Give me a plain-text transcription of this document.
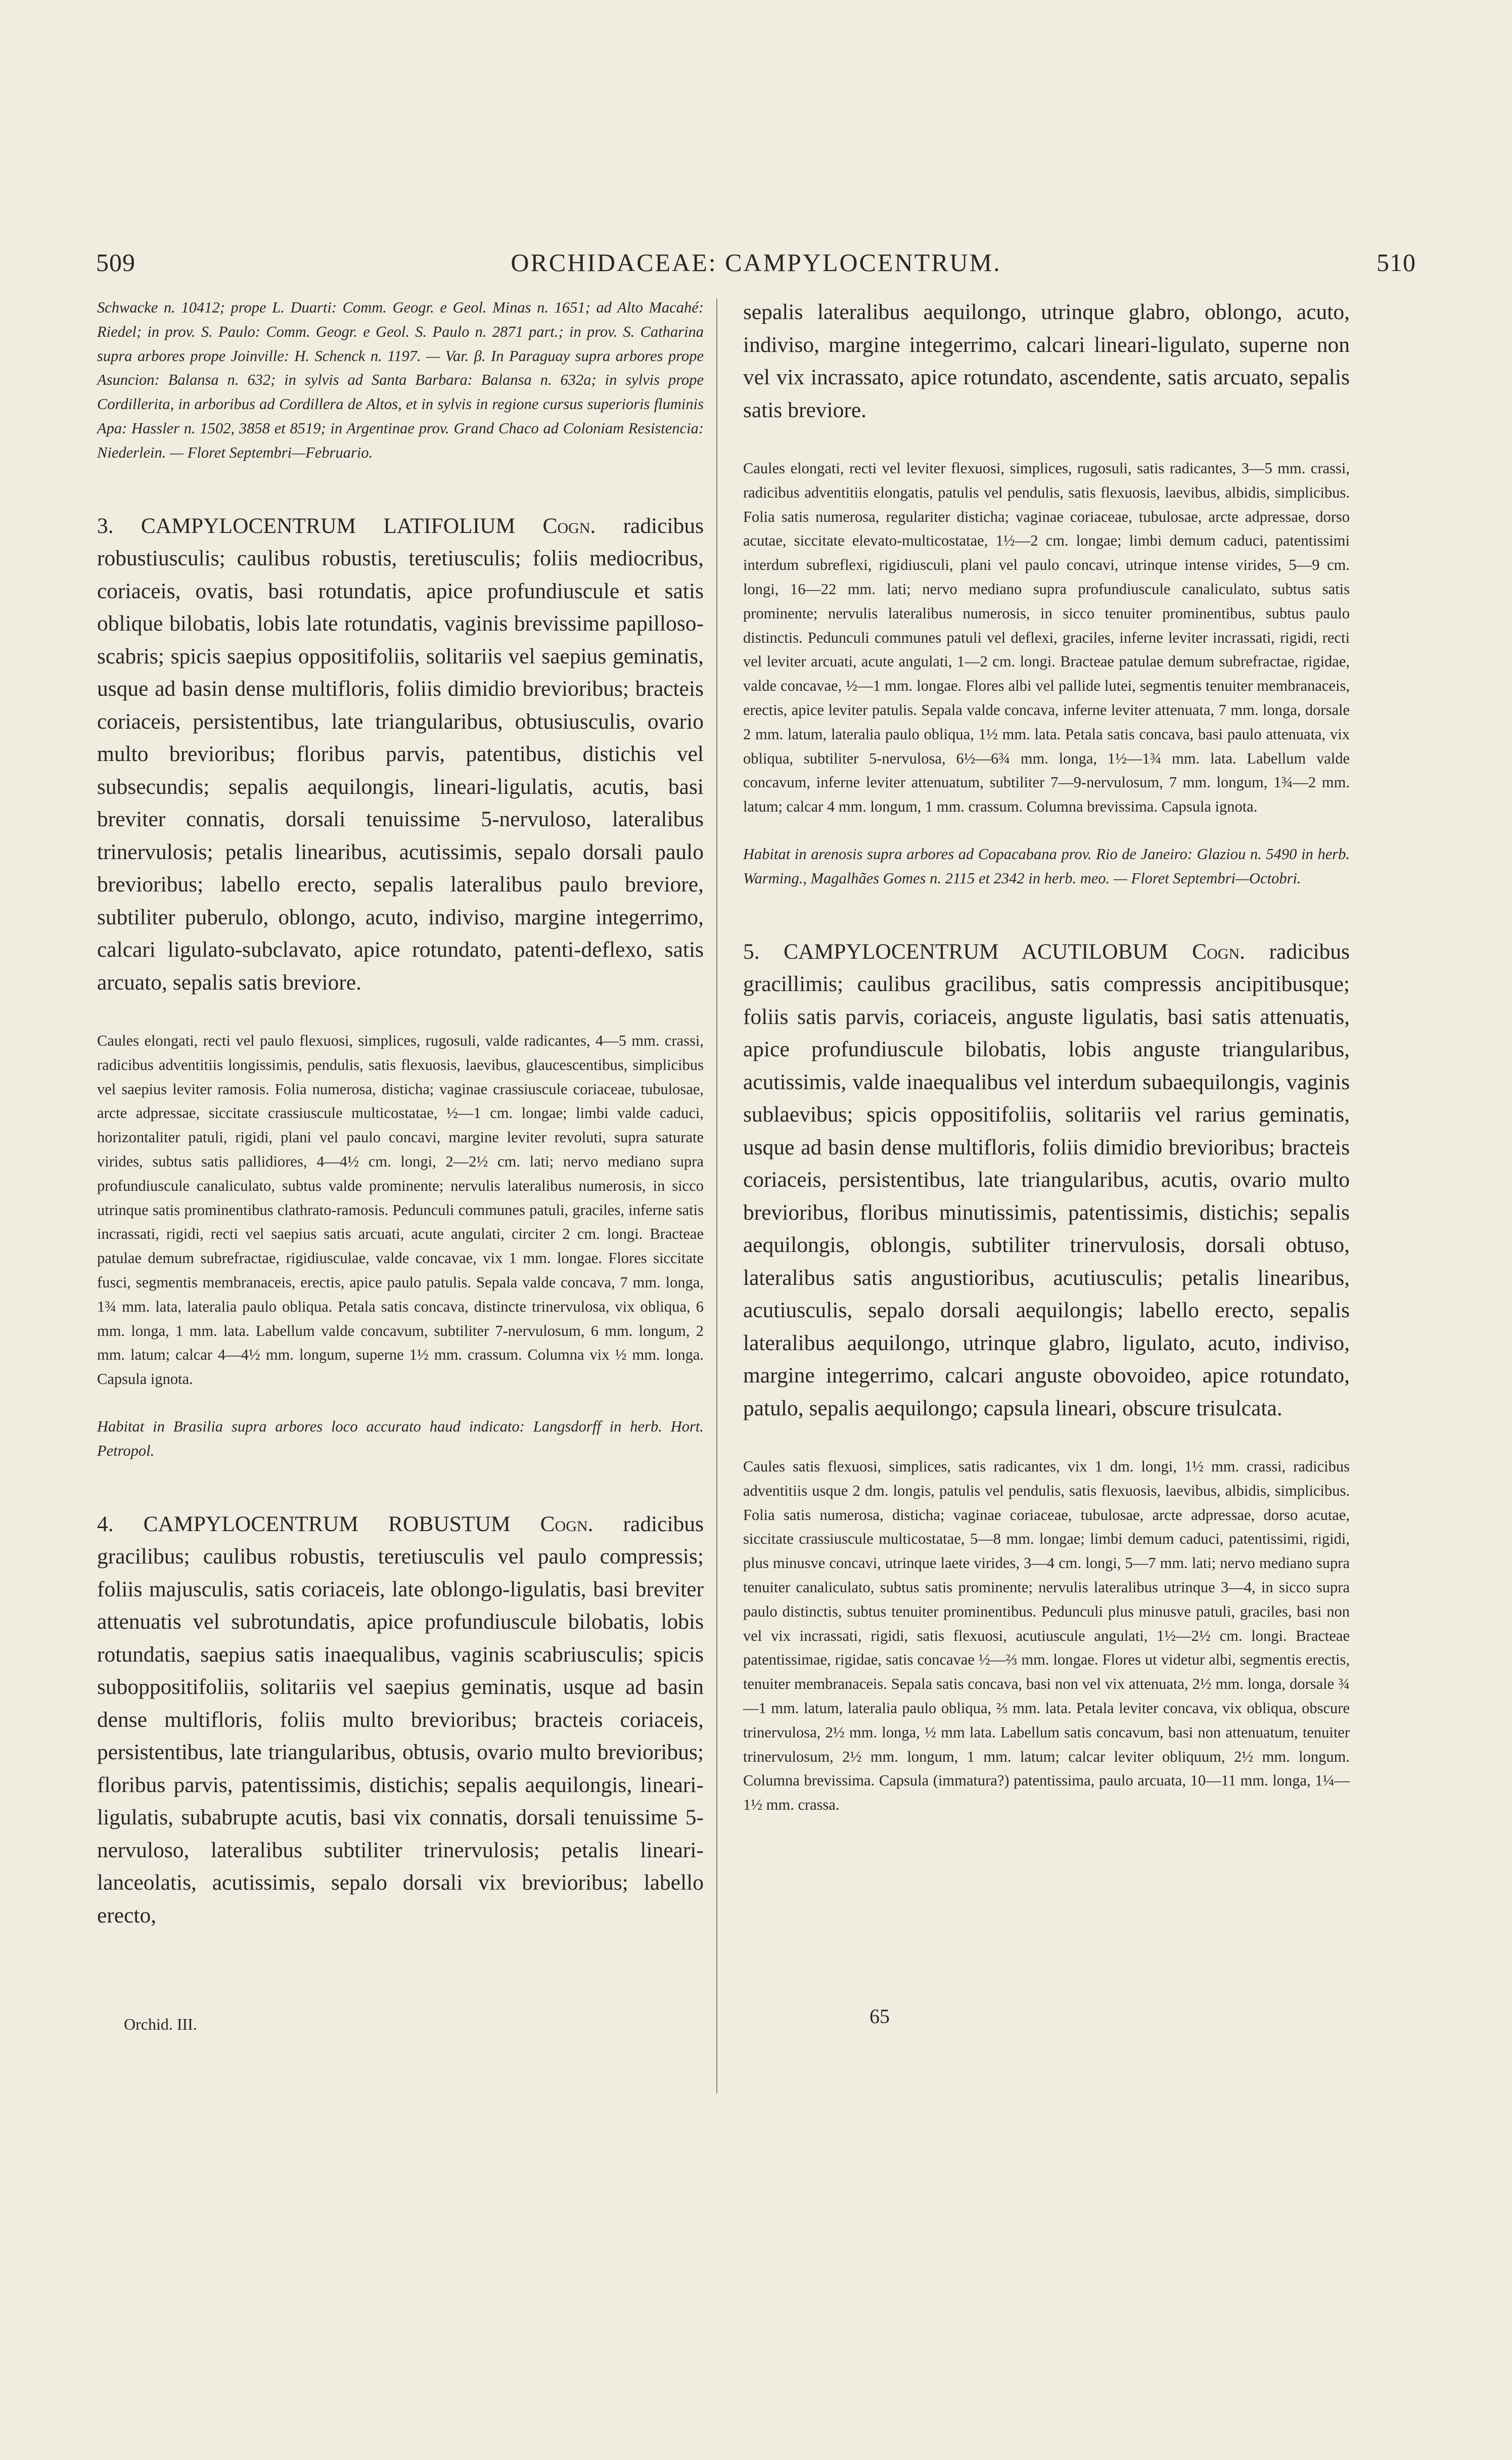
509	ORCHIDACEAE: CAMPYLOCENTRUM.	510

Schwacke n. 10412; prope L. Duarti: Comm. Geogr. e Geol. Minas n. 1651; ad Alto Macahé: Riedel; in prov. S. Paulo: Comm. Geogr. e Geol. S. Paulo n. 2871 part.; in prov. S. Catharina supra arbores prope Joinville: H. Schenck n. 1197. — Var. β. In Paraguay supra arbores prope Asuncion: Balansa n. 632; in sylvis ad Santa Barbara: Balansa n. 632a; in sylvis prope Cordillerita, in arboribus ad Cordillera de Altos, et in sylvis in regione cursus superioris fluminis Apa: Hassler n. 1502, 3858 et 8519; in Argentinae prov. Grand Chaco ad Coloniam Resistencia: Niederlein. — Floret Septembri—Februario.

3. CAMPYLOCENTRUM LATIFOLIUM Cogn. radicibus robustiusculis; caulibus robustis, teretiusculis; foliis mediocribus, coriaceis, ovatis, basi rotundatis, apice profundiuscule et satis oblique bilobatis, lobis late rotundatis, vaginis brevissime papilloso-scabris; spicis saepius oppositifoliis, solitariis vel saepius geminatis, usque ad basin dense multifloris, foliis dimidio brevioribus; bracteis coriaceis, persistentibus, late triangularibus, obtusiusculis, ovario multo brevioribus; floribus parvis, patentibus, distichis vel subsecundis; sepalis aequilongis, lineari-ligulatis, acutis, basi breviter connatis, dorsali tenuissime 5-nervuloso, lateralibus trinervulosis; petalis linearibus, acutissimis, sepalo dorsali paulo brevioribus; labello erecto, sepalis lateralibus paulo breviore, subtiliter puberulo, oblongo, acuto, indiviso, margine integerrimo, calcari ligulato-subclavato, apice rotundato, patenti-deflexo, satis arcuato, sepalis satis breviore.

Caules elongati, recti vel paulo flexuosi, simplices, rugosuli, valde radicantes, 4—5 mm. crassi, radicibus adventitiis longissimis, pendulis, satis flexuosis, laevibus, glaucescentibus, simplicibus vel saepius leviter ramosis. Folia numerosa, disticha; vaginae crassiuscule coriaceae, tubulosae, arcte adpressae, siccitate crassiuscule multicostatae, ½—1 cm. longae; limbi valde caduci, horizontaliter patuli, rigidi, plani vel paulo concavi, margine leviter revoluti, supra saturate virides, subtus satis pallidiores, 4—4½ cm. longi, 2—2½ cm. lati; nervo mediano supra profundiuscule canaliculato, subtus valde prominente; nervulis lateralibus numerosis, in sicco utrinque satis prominentibus clathrato-ramosis. Pedunculi communes patuli, graciles, inferne satis incrassati, rigidi, recti vel saepius satis arcuati, acute angulati, circiter 2 cm. longi. Bracteae patulae demum subrefractae, rigidiusculae, valde concavae, vix 1 mm. longae. Flores siccitate fusci, segmentis membranaceis, erectis, apice paulo patulis. Sepala valde concava, 7 mm. longa, 1¾ mm. lata, lateralia paulo obliqua. Petala satis concava, distincte trinervulosa, vix obliqua, 6 mm. longa, 1 mm. lata. Labellum valde concavum, subtiliter 7-nervulosum, 6 mm. longum, 2 mm. latum; calcar 4—4½ mm. longum, superne 1½ mm. crassum. Columna vix ½ mm. longa. Capsula ignota.

Habitat in Brasilia supra arbores loco accurato haud indicato: Langsdorff in herb. Hort. Petropol.

4. CAMPYLOCENTRUM ROBUSTUM Cogn. radicibus gracilibus; caulibus robustis, teretiusculis vel paulo compressis; foliis majusculis, satis coriaceis, late oblongo-ligulatis, basi breviter attenuatis vel subrotundatis, apice profundiuscule bilobatis, lobis rotundatis, saepius satis inaequalibus, vaginis scabriusculis; spicis suboppositifoliis, solitariis vel saepius geminatis, usque ad basin dense multifloris, foliis multo brevioribus; bracteis coriaceis, persistentibus, late triangularibus, obtusis, ovario multo brevioribus; floribus parvis, patentissimis, distichis; sepalis aequilongis, lineari-ligulatis, subabrupte acutis, basi vix connatis, dorsali tenuissime 5-nervuloso, lateralibus subtiliter trinervulosis; petalis lineari-lanceolatis, acutissimis, sepalo dorsali vix brevioribus; labello erecto,

sepalis lateralibus aequilongo, utrinque glabro, oblongo, acuto, indiviso, margine integerrimo, calcari lineari-ligulato, superne non vel vix incrassato, apice rotundato, ascendente, satis arcuato, sepalis satis breviore.

Caules elongati, recti vel leviter flexuosi, simplices, rugosuli, satis radicantes, 3—5 mm. crassi, radicibus adventitiis elongatis, patulis vel pendulis, satis flexuosis, laevibus, albidis, simplicibus. Folia satis numerosa, regulariter disticha; vaginae coriaceae, tubulosae, arcte adpressae, dorso acutae, siccitate elevato-multicostatae, 1½—2 cm. longae; limbi demum caduci, patentissimi interdum subreflexi, rigidiusculi, plani vel paulo concavi, utrinque intense virides, 5—9 cm. longi, 16—22 mm. lati; nervo mediano supra profundiuscule canaliculato, subtus satis prominente; nervulis lateralibus numerosis, in sicco tenuiter prominentibus, subtus paulo distinctis. Pedunculi communes patuli vel deflexi, graciles, inferne leviter incrassati, rigidi, recti vel leviter arcuati, acute angulati, 1—2 cm. longi. Bracteae patulae demum subrefractae, rigidae, valde concavae, ½—1 mm. longae. Flores albi vel pallide lutei, segmentis tenuiter membranaceis, erectis, apice leviter patulis. Sepala valde concava, inferne leviter attenuata, 7 mm. longa, dorsale 2 mm. latum, lateralia paulo obliqua, 1½ mm. lata. Petala satis concava, basi paulo attenuata, vix obliqua, subtiliter 5-nervulosa, 6½—6¾ mm. longa, 1½—1¾ mm. lata. Labellum valde concavum, inferne leviter attenuatum, subtiliter 7—9-nervulosum, 7 mm. longum, 1¾—2 mm. latum; calcar 4 mm. longum, 1 mm. crassum. Columna brevissima. Capsula ignota.

Habitat in arenosis supra arbores ad Copacabana prov. Rio de Janeiro: Glaziou n. 5490 in herb. Warming., Magalhães Gomes n. 2115 et 2342 in herb. meo. — Floret Septembri—Octobri.

5. CAMPYLOCENTRUM ACUTILOBUM Cogn. radicibus gracillimis; caulibus gracilibus, satis compressis ancipitibusque; foliis satis parvis, coriaceis, anguste ligulatis, basi satis attenuatis, apice profundiuscule bilobatis, lobis anguste triangularibus, acutissimis, valde inaequalibus vel interdum subaequilongis, vaginis sublaevibus; spicis oppositifoliis, solitariis vel rarius geminatis, usque ad basin dense multifloris, foliis dimidio brevioribus; bracteis coriaceis, persistentibus, late triangularibus, acutis, ovario multo brevioribus, floribus minutissimis, patentissimis, distichis; sepalis aequilongis, oblongis, subtiliter trinervulosis, dorsali obtuso, lateralibus satis angustioribus, acutiusculis; petalis linearibus, acutiusculis, sepalo dorsali aequilongis; labello erecto, sepalis lateralibus aequilongo, utrinque glabro, ligulato, acuto, indiviso, margine integerrimo, calcari anguste obovoideo, apice rotundato, patulo, sepalis aequilongo; capsula lineari, obscure trisulcata.

Caules satis flexuosi, simplices, satis radicantes, vix 1 dm. longi, 1½ mm. crassi, radicibus adventitiis usque 2 dm. longis, patulis vel pendulis, satis flexuosis, laevibus, albidis, simplicibus. Folia satis numerosa, disticha; vaginae coriaceae, tubulosae, arcte adpressae, dorso acutae, siccitate crassiuscule multicostatae, 5—8 mm. longae; limbi demum caduci, patentissimi, rigidi, plus minusve concavi, utrinque laete virides, 3—4 cm. longi, 5—7 mm. lati; nervo mediano supra tenuiter canaliculato, subtus satis prominente; nervulis lateralibus utrinque 3—4, in sicco supra paulo distinctis, subtus tenuiter prominentibus. Pedunculi plus minusve patuli, graciles, basi non vel vix incrassati, rigidi, satis flexuosi, acutiuscule angulati, 1½—2½ cm. longi. Bracteae patentissimae, rigidae, satis concavae ½—⅔ mm. longae. Flores ut videtur albi, segmentis erectis, tenuiter membranaceis. Sepala satis concava, basi non vel vix attenuata, 2½ mm. longa, dorsale ¾—1 mm. latum, lateralia paulo obliqua, ⅔ mm. lata. Petala leviter concava, vix obliqua, obscure trinervulosa, 2½ mm. longa, ½ mm lata. Labellum satis concavum, basi non attenuatum, tenuiter trinervulosum, 2½ mm. longum, 1 mm. latum; calcar leviter obliquum, 2½ mm. longum. Columna brevissima. Capsula (immatura?) patentissima, paulo arcuata, 10—11 mm. longa, 1¼—1½ mm. crassa.

Orchid. III.	65
